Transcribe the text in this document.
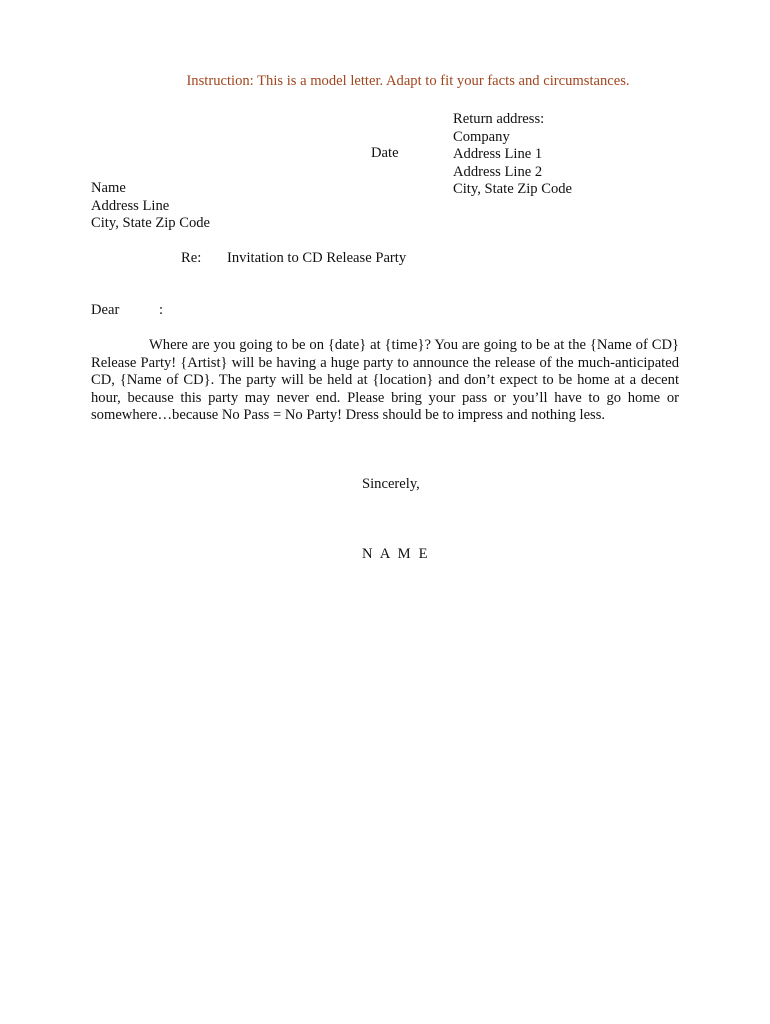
Instruction: This is a model letter. Adapt to fit your facts and circumstances.
Return address:
Company
Address Line 1
Address Line 2
City, State Zip Code
Date
Name
Address Line
City, State Zip Code
Re: Invitation to CD Release Party
Dear	:
Where are you going to be on {date} at {time}? You are going to be at the {Name of CD}
Release Party! {Artist} will be having a huge party to announce the release of the much-anticipated
CD, {Name of CD}. The party will be held at {location} and don’t expect to be home at a decent
hour, because this party may never end. Please bring your pass or you’ll have to go home or
somewhere…because No Pass = No Party! Dress should be to impress and nothing less.
Sincerely,
N A M E
